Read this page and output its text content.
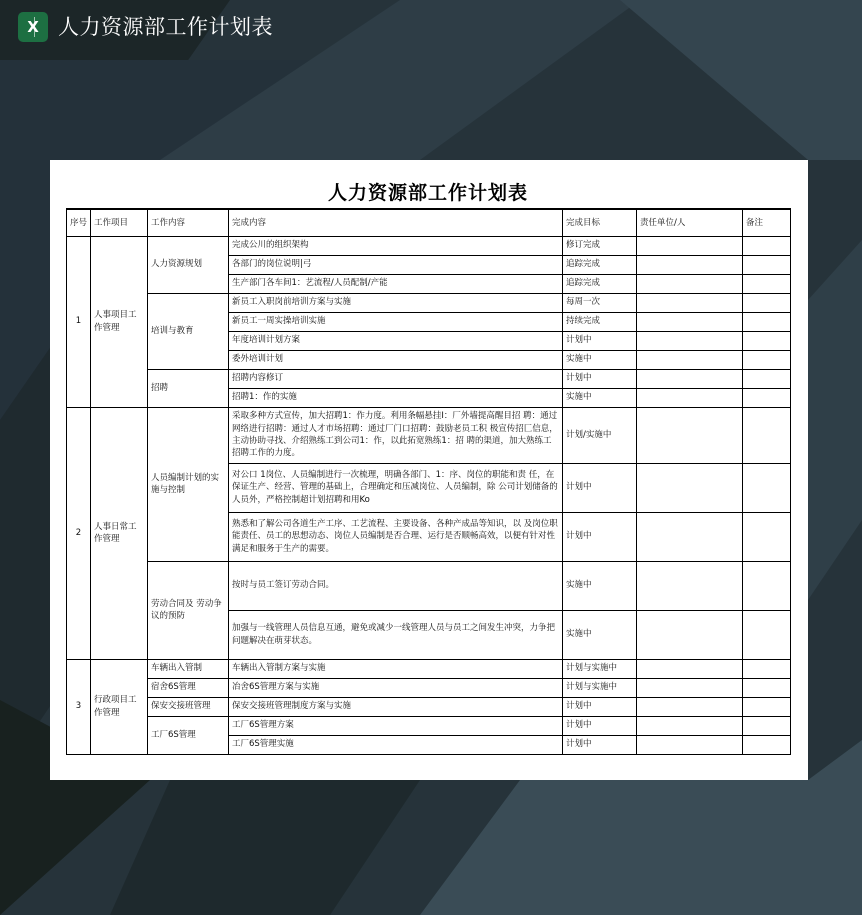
X 人力资源部工作计划表
人力资源部工作计划表
序号	工作项目	工作内容	完成内容	完成目标	责任单位/人	备注
1	人事项目工作管理	人力资源规划	完成公川的组织架构	修订完成		
			各部门的岗位说明|弓	追踪完成		
			生产部门各车间1：艺流程/人员配制/产能	追踪完成		
		培训与教育	新员工入职岗前培训方案与实施	每周一次		
			新员工一周实操培训实施	持续完成		
			年度培训计划方案	计划中		
			委外培训计划	实施中		
		招聘	招聘内容修订	计划中		
			招聘1：作的实施	实施中		
2	人事日常工作管理	人员编制计划的实施与控制	采取多种方式宣传，加大招聘1：作力度。利用条幅悬挂I：厂外墙提高醒目招 聘：通过网络进行招聘：通过人才市场招聘：通过厂门口招聘：鼓励老员工积 极宣传招匚信息，主动协助寻找、介绍熟练工到公司1：作，以此拓宽熟练1：招 聘的渠道，加大熟练工招聘工作的力度。	计划/实施中		
			对公口 1岗位、人员编制进行一次梳理，明确各部门、1：序、岗位的职能和责 任，在保证生产、经营、管理的基础上，合理确定和压减岗位、人员编制，除 公司计划储备的人员外，严格控制超计划招聘和用Ko	计划中		
			熟悉和了解公司各道生产工序、工艺流程、主要设备、各种产成品等知识，以 及岗位职能责任、员工的思想动态、岗位人员编制是否合理、运行是否顺畅高效，以便有针对性满足和服务于生产的需要。	计划中		
		劳动合同及 劳动争议的预防	按时与员工签订劳动合同。	实施中		
			加强与一线管理人员信息互通，避免或减少一线管理人员与员工之间发生冲突，力争把问题解决在萌芽状态。	实施中		
3	行政项目工作管理	车辆出入管制	车辆出入管制方案与实施	计划与实施中		
		宿舍6S管理	冶舍6S管理方案与实施	计划与实施中		
		保安交接班管理	保安交接班管理制度方案与实施	计划中		
		工厂6S管理	工厂6S管理方案	计划中		
			工厂6S管理实施	计划中		
